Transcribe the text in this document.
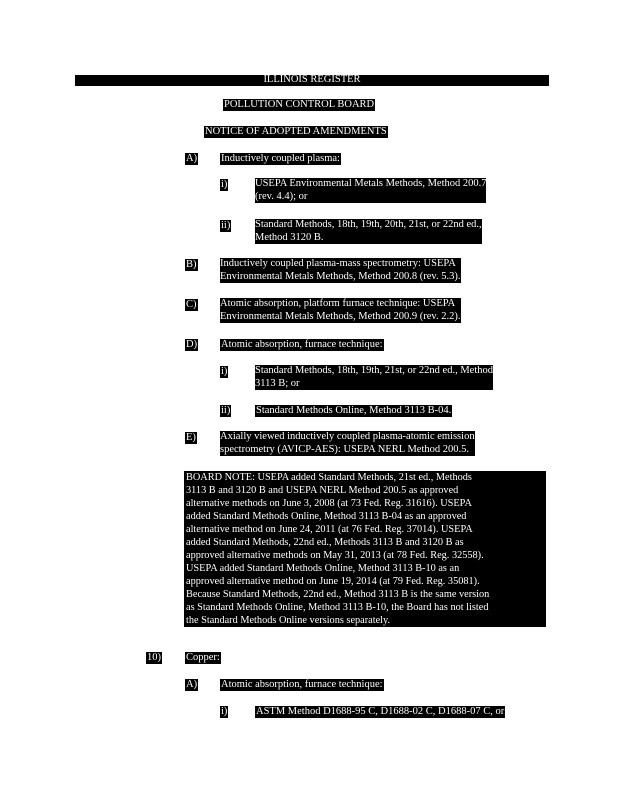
ILLINOIS REGISTER
POLLUTION CONTROL BOARD
NOTICE OF ADOPTED AMENDMENTS
A) Inductively coupled plasma:
i)	USEPA Environmental Metals Methods, Method 200.7
(rev. 4.4); or
ii) Standard Methods, 18th, 19th, 20th, 21st, or 22nd ed.,
Method 3120 B.
B) Inductively coupled plasma-mass spectrometry: USEPA
Environmental Metals Methods, Method 200.8 (rev. 5.3).
C) Atomic absorption, platform furnace technique: USEPA
Environmental Metals Methods, Method 200.9 (rev. 2.2).
D) Atomic absorption, furnace technique:
i)	Standard Methods, 18th, 19th, 21st, or 22nd ed., Method
3113 B; or
ii) Standard Methods Online, Method 3113 B-04.
E) Axially viewed inductively coupled plasma-atomic emission
spectrometry (AVICP-AES): USEPA NERL Method 200.5.
BOARD NOTE: USEPA added Standard Methods, 21st ed., Methods
3113 B and 3120 B and USEPA NERL Method 200.5 as approved
alternative methods on June 3, 2008 (at 73 Fed. Reg. 31616). USEPA
added Standard Methods Online, Method 3113 B-04 as an approved
alternative method on June 24, 2011 (at 76 Fed. Reg. 37014). USEPA
added Standard Methods, 22nd ed., Methods 3113 B and 3120 B as
approved alternative methods on May 31, 2013 (at 78 Fed. Reg. 32558).
USEPA added Standard Methods Online, Method 3113 B-10 as an
approved alternative method on June 19, 2014 (at 79 Fed. Reg. 35081).
Because Standard Methods, 22nd ed., Method 3113 B is the same version
as Standard Methods Online, Method 3113 B-10, the Board has not listed
the Standard Methods Online versions separately.
10) Copper:
A) Atomic absorption, furnace technique:
i)	ASTM Method D1688-95 C, D1688-02 C, D1688-07 C, or
